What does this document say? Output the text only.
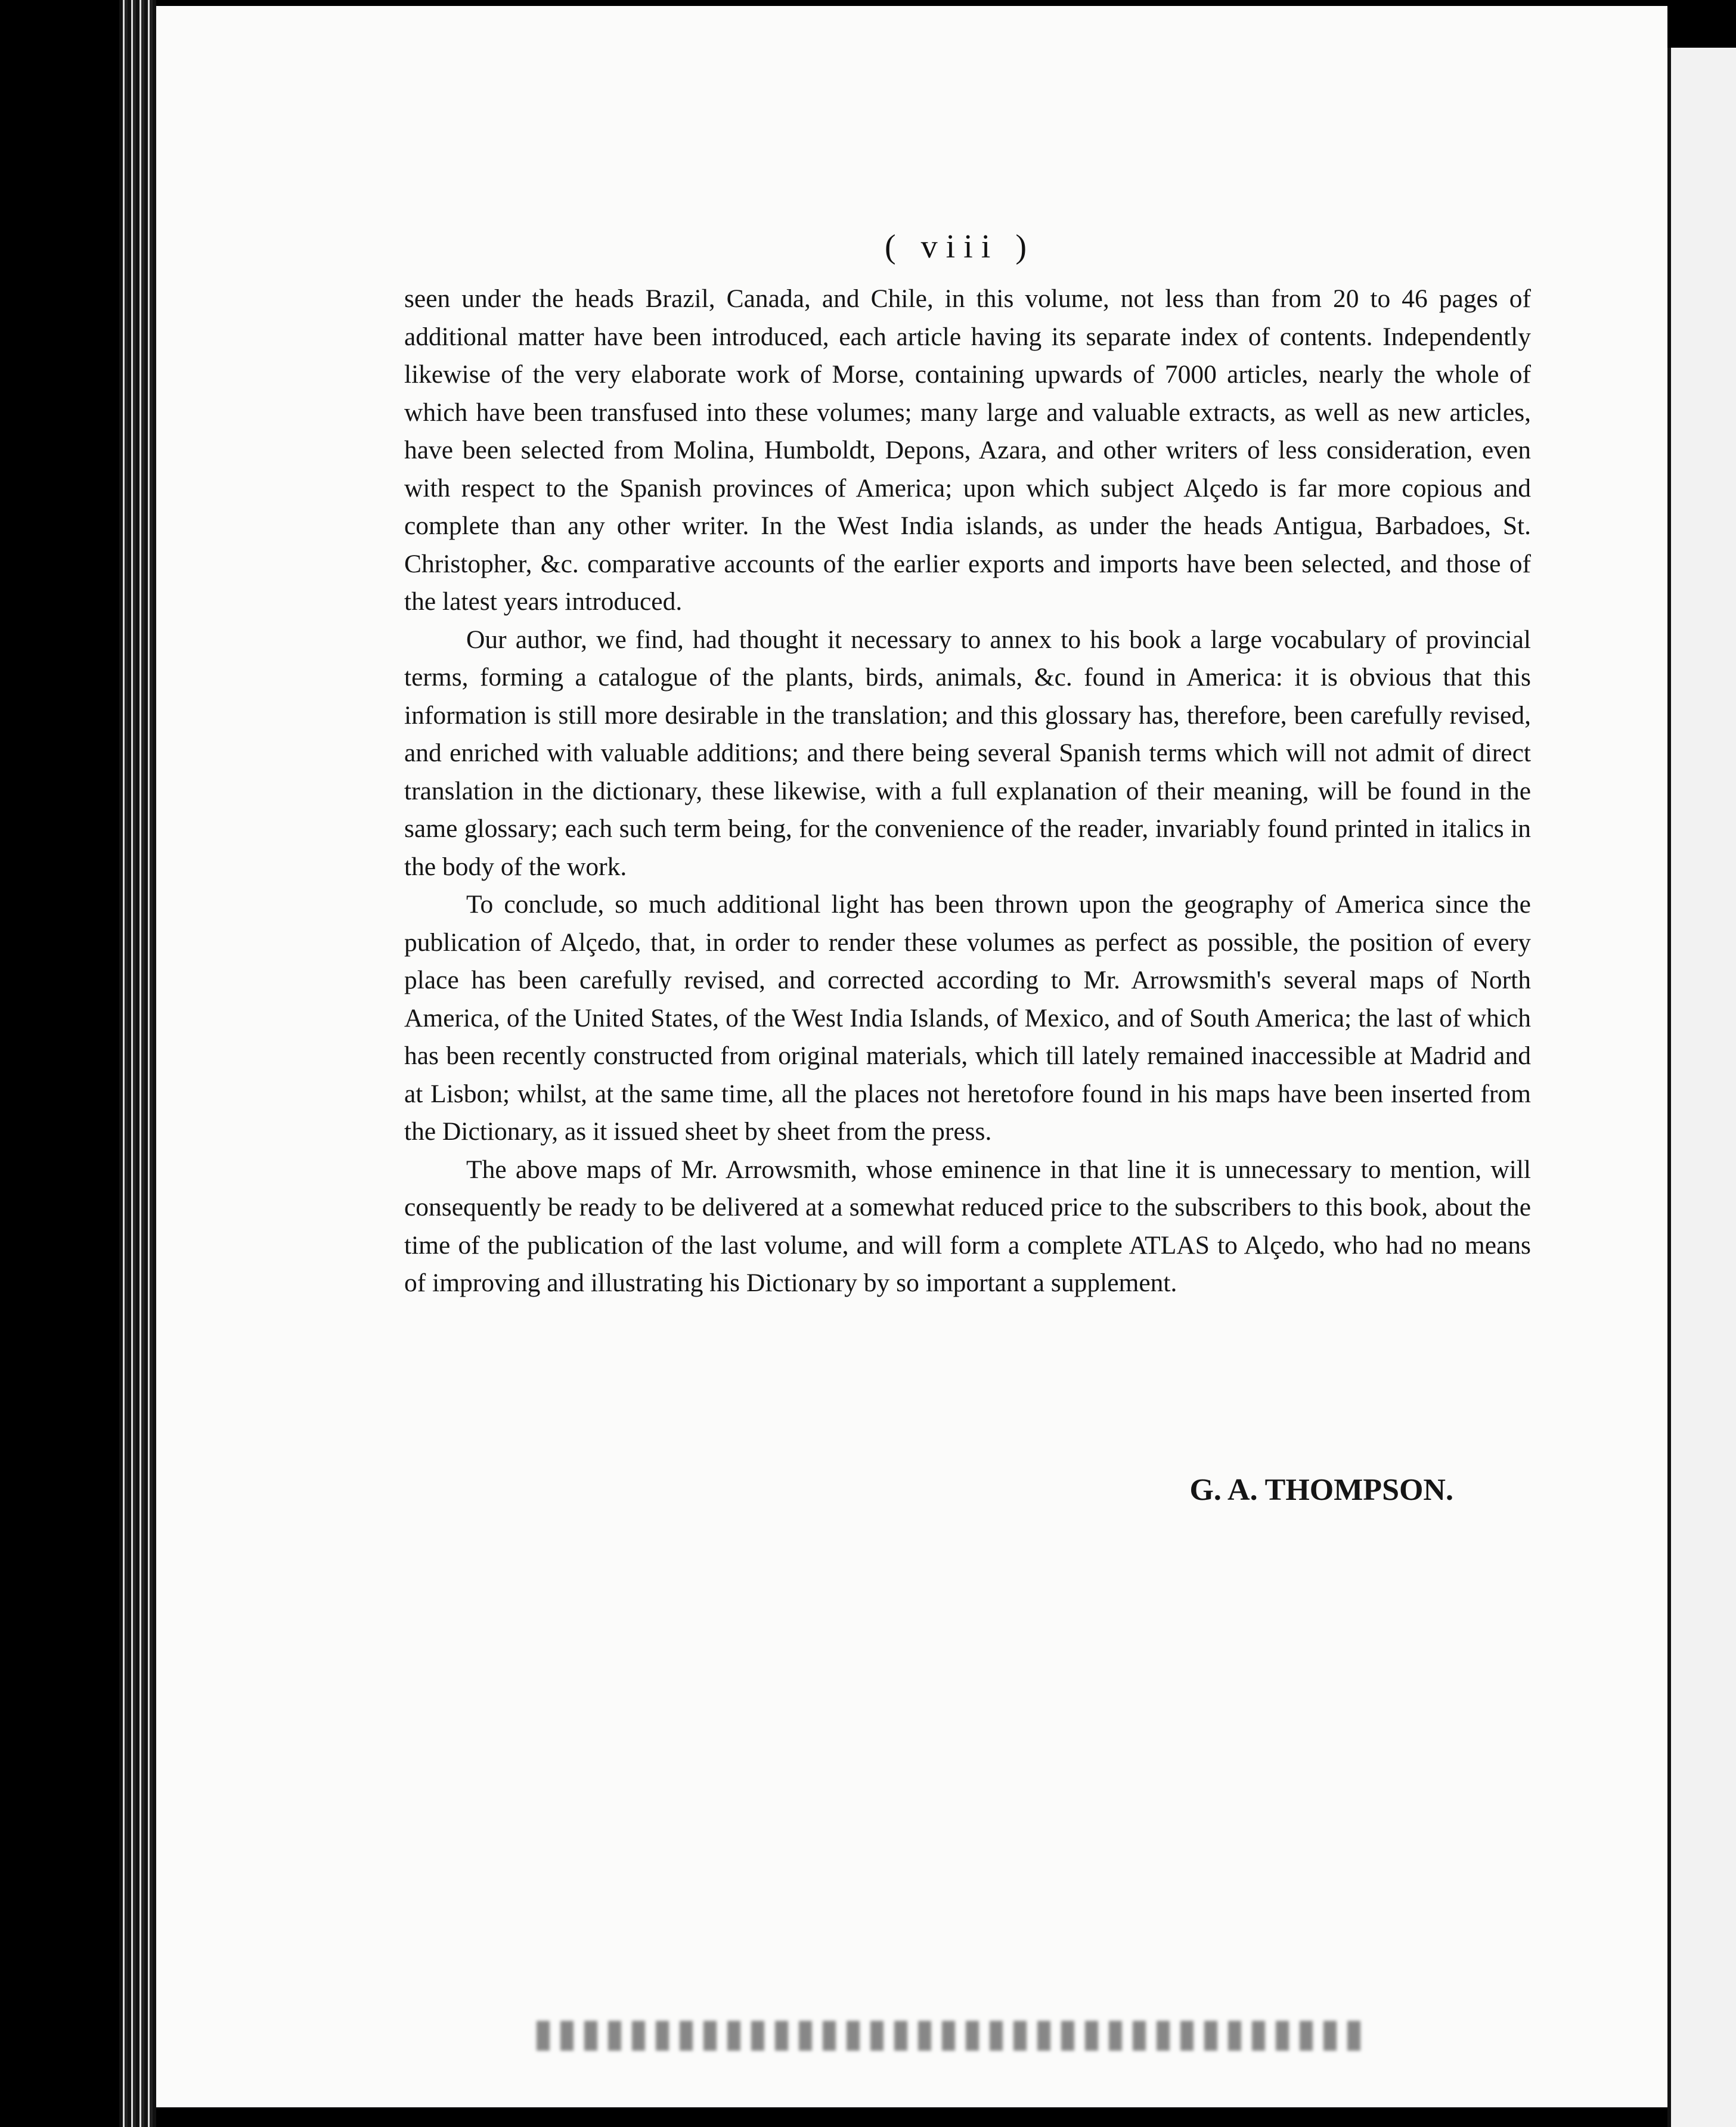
( viii )

seen under the heads Brazil, Canada, and Chile, in this volume, not less than from 20 to 46 pages of additional matter have been introduced, each article having its separate index of contents. Independently likewise of the very elaborate work of Morse, containing upwards of 7000 articles, nearly the whole of which have been transfused into these volumes; many large and valuable extracts, as well as new articles, have been selected from Molina, Humboldt, Depons, Azara, and other writers of less consideration, even with respect to the Spanish provinces of America; upon which subject Alçedo is far more copious and complete than any other writer. In the West India islands, as under the heads Antigua, Barbadoes, St. Christopher, &c. comparative accounts of the earlier exports and imports have been selected, and those of the latest years introduced.

Our author, we find, had thought it necessary to annex to his book a large vocabulary of provincial terms, forming a catalogue of the plants, birds, animals, &c. found in America: it is obvious that this information is still more desirable in the translation; and this glossary has, therefore, been carefully revised, and enriched with valuable additions; and there being several Spanish terms which will not admit of direct translation in the dictionary, these likewise, with a full explanation of their meaning, will be found in the same glossary; each such term being, for the convenience of the reader, invariably found printed in italics in the body of the work.

To conclude, so much additional light has been thrown upon the geography of America since the publication of Alçedo, that, in order to render these volumes as perfect as possible, the position of every place has been carefully revised, and corrected according to Mr. Arrowsmith's several maps of North America, of the United States, of the West India Islands, of Mexico, and of South America; the last of which has been recently constructed from original materials, which till lately remained inaccessible at Madrid and at Lisbon; whilst, at the same time, all the places not heretofore found in his maps have been inserted from the Dictionary, as it issued sheet by sheet from the press.

The above maps of Mr. Arrowsmith, whose eminence in that line it is unnecessary to mention, will consequently be ready to be delivered at a somewhat reduced price to the subscribers to this book, about the time of the publication of the last volume, and will form a complete ATLAS to Alçedo, who had no means of improving and illustrating his Dictionary by so important a supplement.

G. A. THOMPSON.
